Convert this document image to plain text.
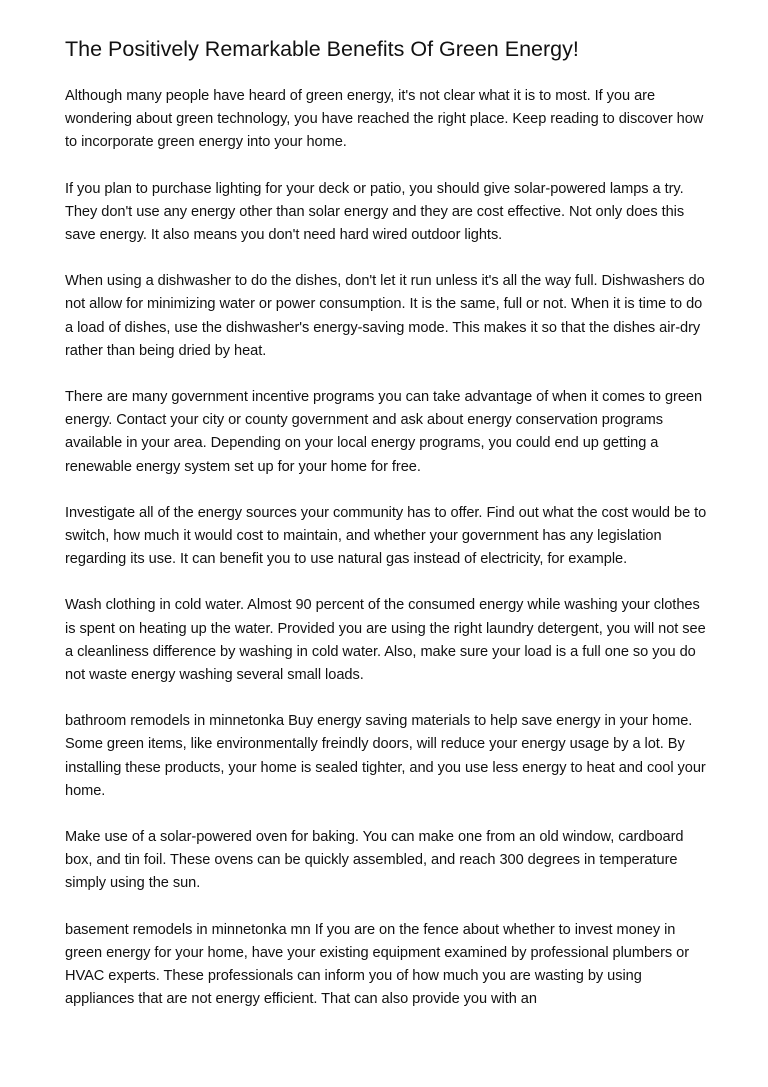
The Positively Remarkable Benefits Of Green Energy!

Although many people have heard of green energy, it's not clear what it is to most. If you are wondering about green technology, you have reached the right place. Keep reading to discover how to incorporate green energy into your home.

If you plan to purchase lighting for your deck or patio, you should give solar-powered lamps a try. They don't use any energy other than solar energy and they are cost effective. Not only does this save energy. It also means you don't need hard wired outdoor lights.

When using a dishwasher to do the dishes, don't let it run unless it's all the way full. Dishwashers do not allow for minimizing water or power consumption. It is the same, full or not. When it is time to do a load of dishes, use the dishwasher's energy-saving mode. This makes it so that the dishes air-dry rather than being dried by heat.

There are many government incentive programs you can take advantage of when it comes to green energy. Contact your city or county government and ask about energy conservation programs available in your area. Depending on your local energy programs, you could end up getting a renewable energy system set up for your home for free.

Investigate all of the energy sources your community has to offer. Find out what the cost would be to switch, how much it would cost to maintain, and whether your government has any legislation regarding its use. It can benefit you to use natural gas instead of electricity, for example.

Wash clothing in cold water. Almost 90 percent of the consumed energy while washing your clothes is spent on heating up the water. Provided you are using the right laundry detergent, you will not see a cleanliness difference by washing in cold water. Also, make sure your load is a full one so you do not waste energy washing several small loads.

bathroom remodels in minnetonka Buy energy saving materials to help save energy in your home. Some green items, like environmentally freindly doors, will reduce your energy usage by a lot. By installing these products, your home is sealed tighter, and you use less energy to heat and cool your home.

Make use of a solar-powered oven for baking. You can make one from an old window, cardboard box, and tin foil. These ovens can be quickly assembled, and reach 300 degrees in temperature simply using the sun.

basement remodels in minnetonka mn If you are on the fence about whether to invest money in green energy for your home, have your existing equipment examined by professional plumbers or HVAC experts. These professionals can inform you of how much you are wasting by using appliances that are not energy efficient. That can also provide you with an
